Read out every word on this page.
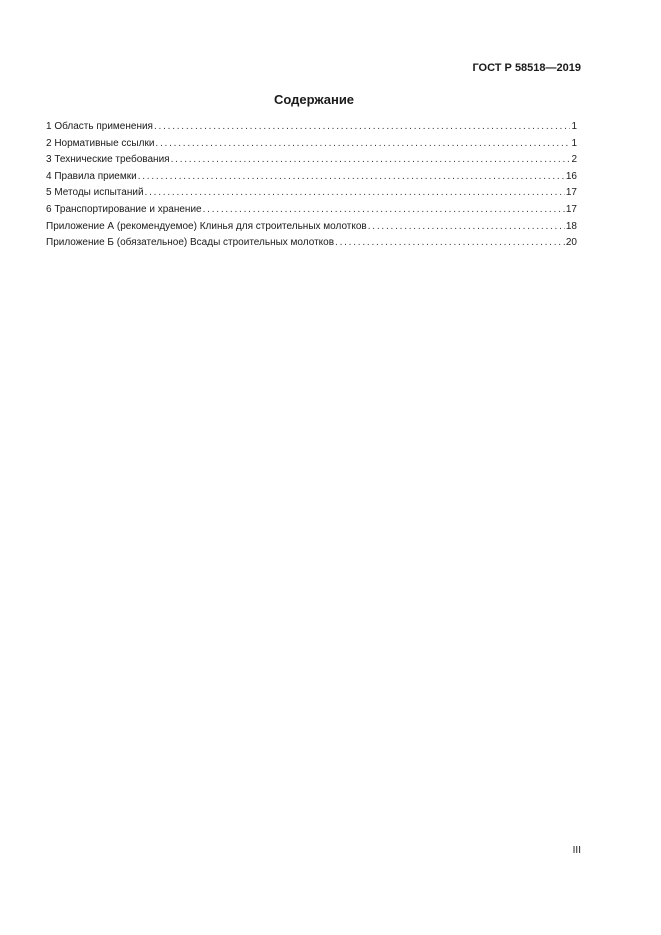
ГОСТ Р 58518—2019
Содержание
1 Область применения . . .	1
2 Нормативные ссылки . . .	1
3 Технические требования . . .	2
4 Правила приемки . . .	16
5 Методы испытаний . . .	17
6 Транспортирование и хранение . . .	17
Приложение А (рекомендуемое) Клинья для строительных молотков . . .	18
Приложение Б (обязательное) Всады строительных молотков . . .	20
III
